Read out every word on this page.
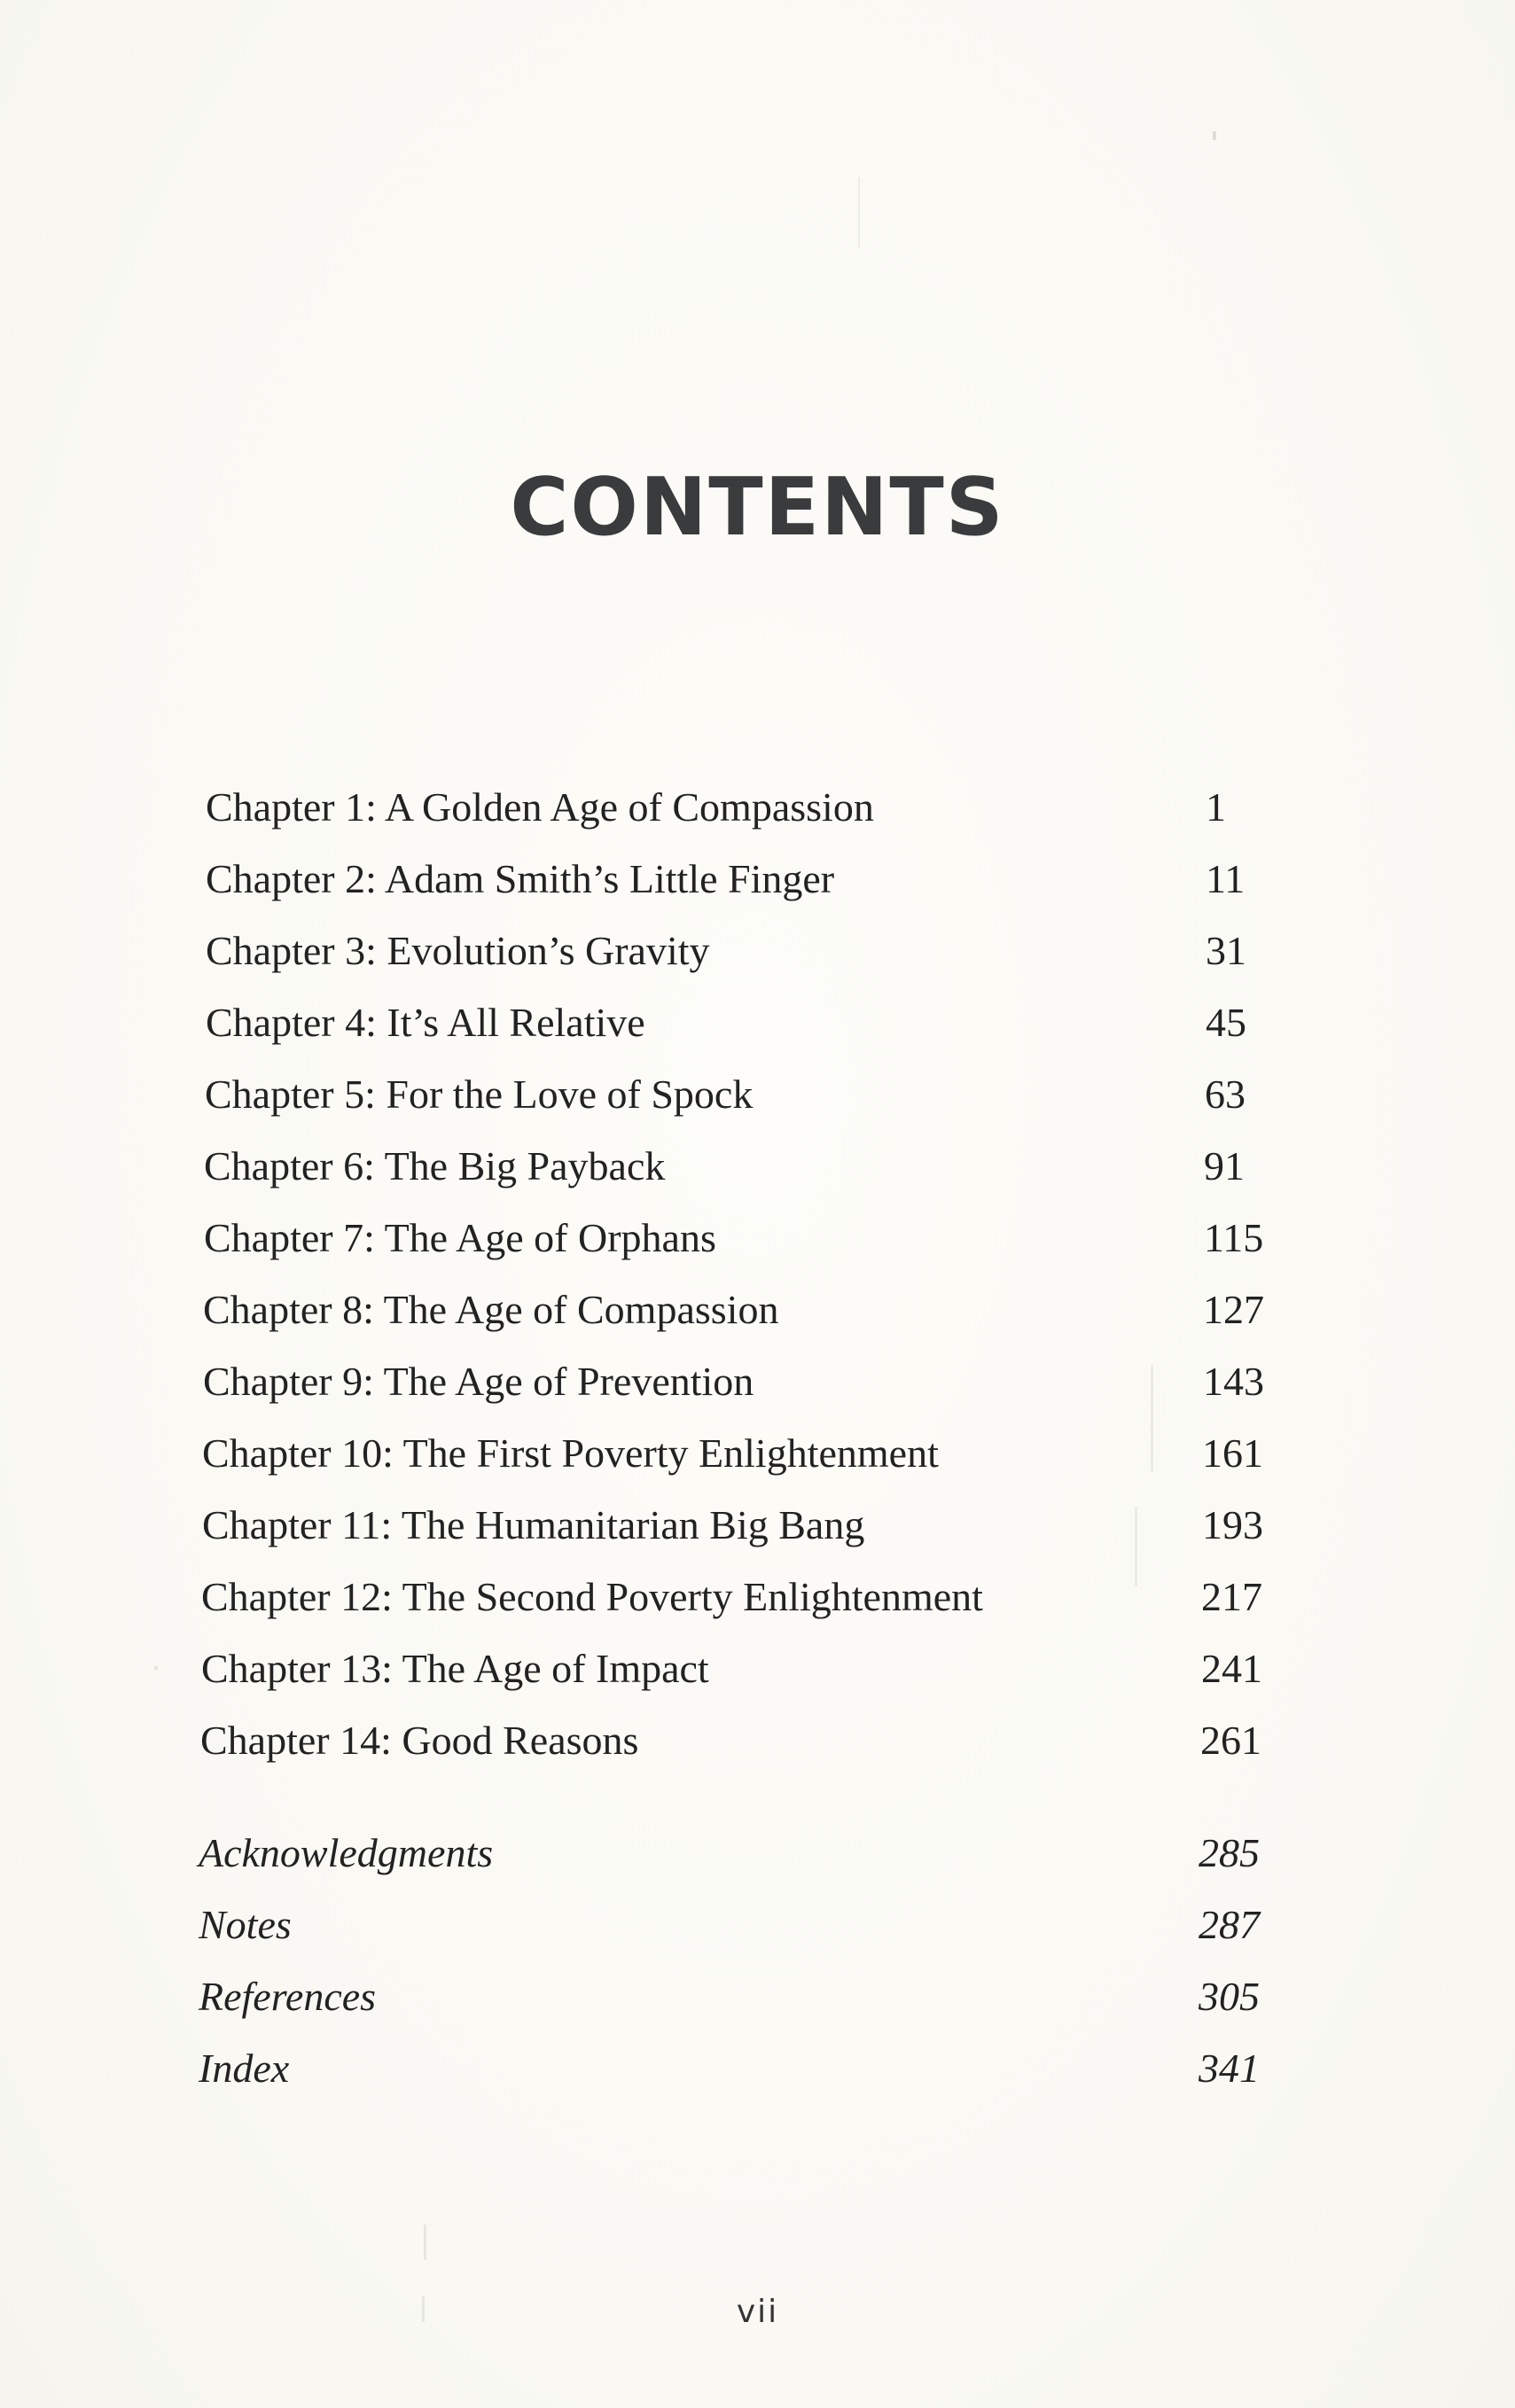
CONTENTS
Chapter 1: A Golden Age of Compassion	1
Chapter 2: Adam Smith’s Little Finger	11
Chapter 3: Evolution’s Gravity	31
Chapter 4: It’s All Relative	45
Chapter 5: For the Love of Spock	63
Chapter 6: The Big Payback	91
Chapter 7: The Age of Orphans	115
Chapter 8: The Age of Compassion	127
Chapter 9: The Age of Prevention	143
Chapter 10: The First Poverty Enlightenment	161
Chapter 11: The Humanitarian Big Bang	193
Chapter 12: The Second Poverty Enlightenment	217
Chapter 13: The Age of Impact	241
Chapter 14: Good Reasons	261
Acknowledgments	285
Notes	287
References	305
Index	341

vii
